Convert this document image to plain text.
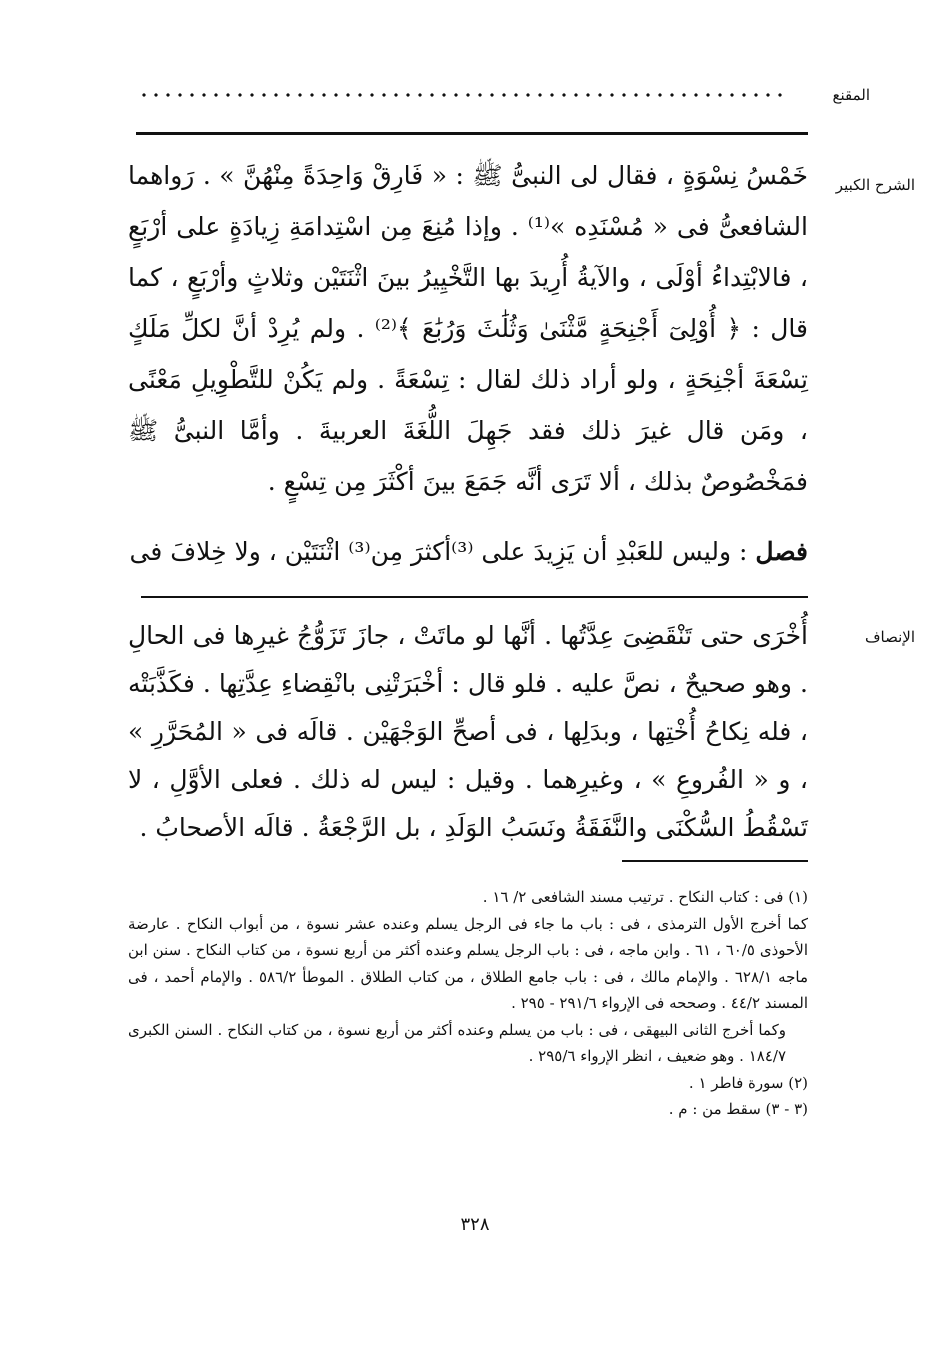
المقنع
الشرح الكبير

خَمْسُ نِسْوَةٍ ، فقال لى النبىُّ ﷺ : « فَارِقْ وَاحِدَةً مِنْهُنَّ » . رَواهما الشافعىُّ فى « مُسْنَدِه »⁽¹⁾ . وإذا مُنِعَ مِن اسْتِدامَةِ زِيادَةٍ على أرْبَعٍ ، فالابْتِداءُ أوْلَى ، والآيةُ أُرِيدَ بها التَّخْيِيرُ بينَ اثْنَتَيْن وثلاثٍ وأرْبَعٍ ، كما قال : ﴿ أُوْلِىٓ أَجْنِحَةٍ مَّثْنَىٰ وَثُلَٰثَ وَرُبَٰعَ ﴾⁽²⁾ . ولم يُرِدْ أنَّ لكلِّ مَلَكٍ تِسْعَةَ أجْنِحَةٍ ، ولو أراد ذلك لقال : تِسْعَةً . ولم يَكُنْ للتَّطْوِيلِ مَعْنًى ، ومَن قال غيرَ ذلك فقد جَهِلَ اللُّغَةَ العربيةَ . وأمَّا النبىُّ ﷺ فمَخْصُوصٌ بذلك ، ألا تَرَى أنَّه جَمَعَ بينَ أكْثَرَ مِن تِسْعٍ .

فصل : وليس للعَبْدِ أن يَزِيدَ على ⁽³⁾أكثرَ مِن⁽³⁾ اثْنَتَيْن ، ولا خِلافَ فى
الإنصاف

أُخْرَى حتى تَنْقَضِىَ عِدَّتُها . أنَّها لو ماتَتْ ، جازَ تَزَوُّجُ غيرِها فى الحالِ . وهو صحيحٌ ، نصَّ عليه . فلو قال : أخْبَرَتْنِى بانْقِضاءِ عِدَّتِها . فكَذَّبَتْه ، فله نِكاحُ أُخْتِها ، وبدَلِها ، فى أصحِّ الوَجْهَيْن . قالَه فى « المُحَرَّرِ » ، و « الفُروعِ » ، وغيرِهما . وقيل : ليس له ذلك . فعلى الأوَّلِ ، لا تَسْقُطُ السُّكْنَى والنَّفَقَةُ ونَسَبُ الوَلَدِ ، بل الرَّجْعَةُ . قالَه الأصحابُ .

(١) فى : كتاب النكاح . ترتيب مسند الشافعى ٢/ ١٦ .

كما أخرج الأول الترمذى ، فى : باب ما جاء فى الرجل يسلم وعنده عشر نسوة ، من أبواب النكاح . عارضة الأحوذى ٦٠/٥ ، ٦١ . وابن ماجه ، فى : باب الرجل يسلم وعنده أكثر من أربع نسوة ، من كتاب النكاح . سنن ابن ماجه ٦٢٨/١ . والإمام مالك ، فى : باب جامع الطلاق ، من كتاب الطلاق . الموطأ ٥٨٦/٢ . والإمام أحمد ، فى المسند ٤٤/٢ . وصححه فى الإرواء ٢٩١/٦ - ٢٩٥ .

وكما أخرج الثانى البيهقى ، فى : باب من يسلم وعنده أكثر من أربع نسوة ، من كتاب النكاح . السنن الكبرى ١٨٤/٧ . وهو ضعيف ، انظر الإرواء ٢٩٥/٦ .

(٢) سورة فاطر ١ .

(٣ - ٣) سقط من : م .

٣٢٨
